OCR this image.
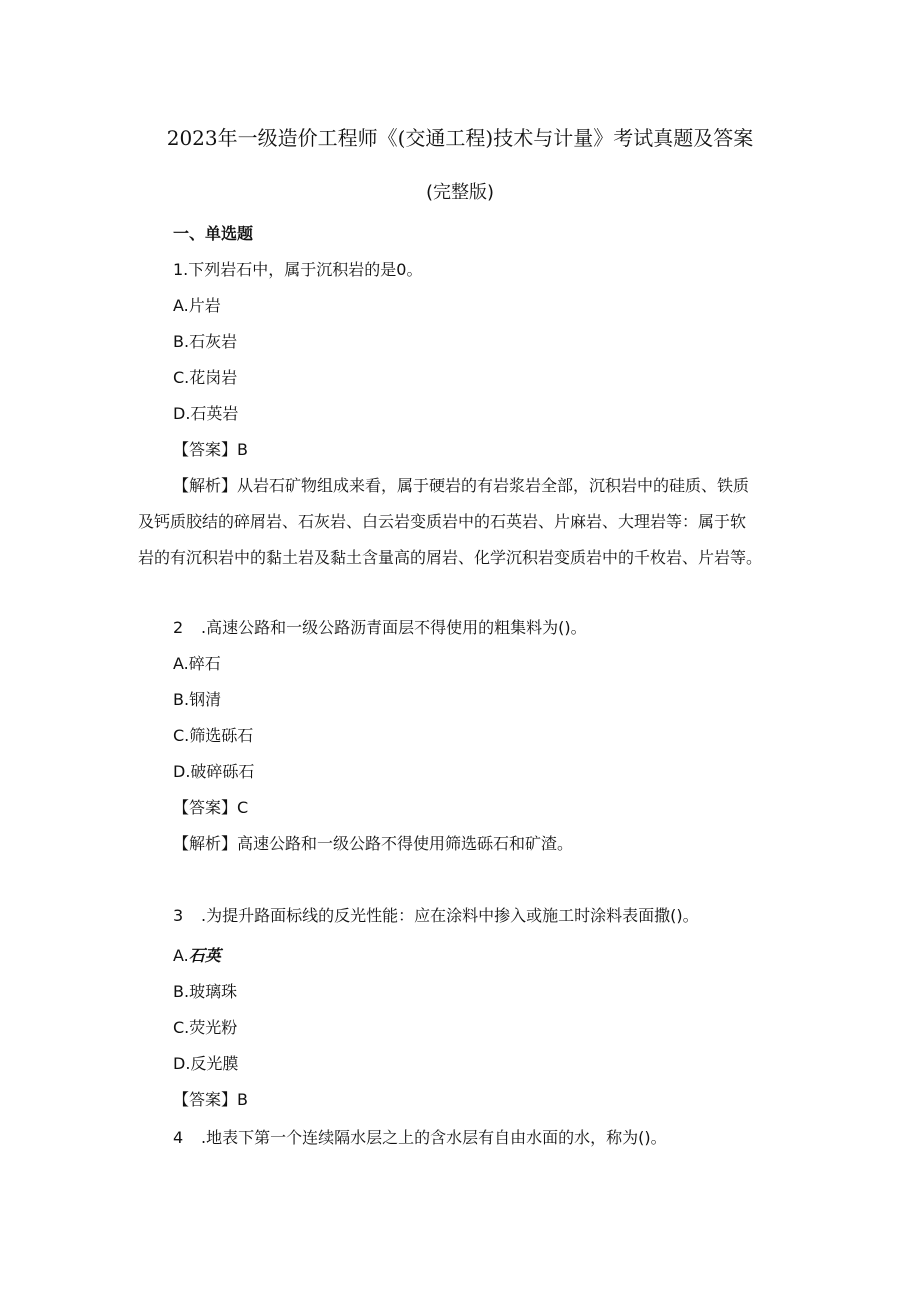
2023年一级造价工程师《(交通工程)技术与计量》考试真题及答案
(完整版)
一、单选题
1.下列岩石中，属于沉积岩的是0。
A.片岩
B.石灰岩
C.花岗岩
D.石英岩
【答案】B
【解析】从岩石矿物组成来看，属于硬岩的有岩浆岩全部，沉积岩中的硅质、铁质
及钙质胶结的碎屑岩、石灰岩、白云岩变质岩中的石英岩、片麻岩、大理岩等：属于软
岩的有沉积岩中的黏土岩及黏土含量高的屑岩、化学沉积岩变质岩中的千枚岩、片岩等。
2 .高速公路和一级公路沥青面层不得使用的粗集料为()。
A.碎石
B.钢清
C.筛选砾石
D.破碎砾石
【答案】C
【解析】高速公路和一级公路不得使用筛选砾石和矿渣。
3 .为提升路面标线的反光性能：应在涂料中掺入或施工时涂料表面撒()。
A.石英
B.玻璃珠
C.荧光粉
D.反光膜
【答案】B
4 .地表下第一个连续隔水层之上的含水层有自由水面的水，称为()。
